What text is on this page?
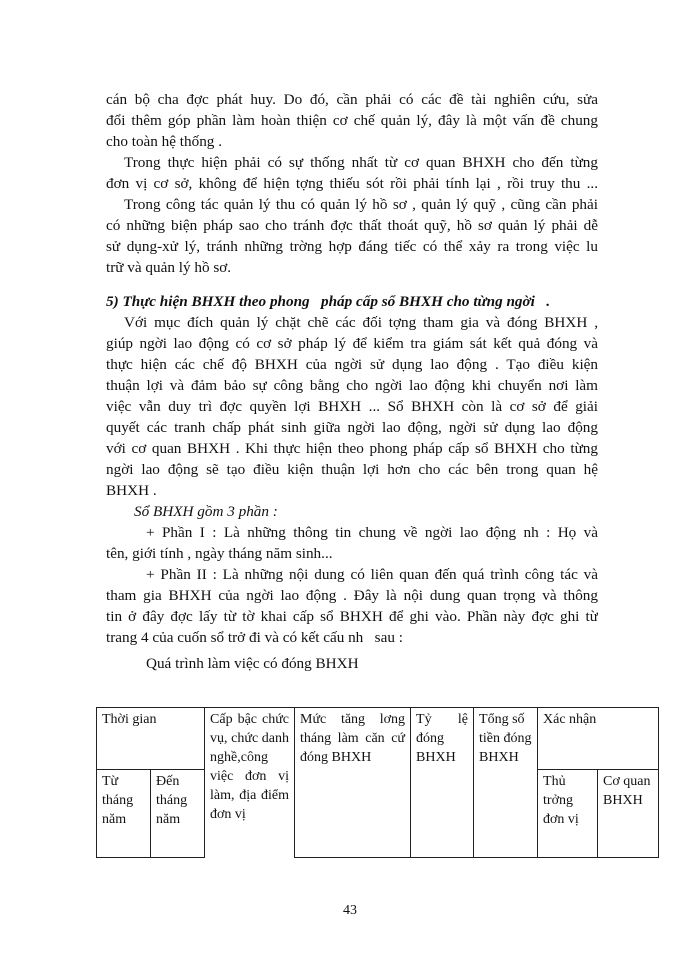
cán bộ cha đợc phát huy. Do đó, cần phải có các đề tài nghiên cứu, sửa
đổi thêm góp phần làm hoàn thiện cơ chế quản lý, đây là một vấn đề chung
cho toàn hệ thống .
Trong thực hiện phải có sự thống nhất từ cơ quan BHXH cho đến từng
đơn vị cơ sở, không để hiện tợng thiếu sót rồi phải tính lại , rồi truy thu ...
Trong công tác quản lý thu có quản lý hồ sơ , quản lý quỹ , cũng cần phải
có những biện pháp sao cho tránh đợc thất thoát quỹ, hồ sơ quản lý phải dễ
sử dụng-xử lý, tránh những trờng hợp đáng tiếc có thể xảy ra trong việc lu
trữ và quản lý hồ sơ.
5) Thực hiện BHXH theo phong   pháp cấp sổ BHXH cho từng ngời   .
Với mục đích quản lý chặt chẽ các đối tợng tham gia và đóng BHXH ,
giúp ngời lao động có cơ sở pháp lý để kiểm tra giám sát kết quả đóng và
thực hiện các chế độ BHXH của ngời sử dụng lao động . Tạo điều kiện
thuận lợi và đảm bảo sự công bằng cho ngời lao động khi chuyển nơi làm
việc vẫn duy trì đợc quyền lợi BHXH ... Sổ BHXH còn là cơ sở để giải
quyết các tranh chấp phát sinh giữa ngời lao động, ngời sử dụng lao động
với cơ quan BHXH . Khi thực hiện theo phong pháp cấp sổ BHXH cho từng
ngời lao động sẽ tạo điều kiện thuận lợi hơn cho các bên trong quan hệ
BHXH .
Sổ BHXH gồm 3 phần :
+ Phần I : Là những thông tin chung về ngời lao động nh : Họ và
tên, giới tính , ngày tháng năm sinh...
+ Phần II : Là những nội dung có liên quan đến quá trình công tác và
tham gia BHXH của ngời lao động . Đây là nội dung quan trọng và thông
tin ở đây đợc lấy từ tờ khai cấp sổ BHXH để ghi vào. Phần này đợc ghi từ
trang 4 của cuốn sổ trở đi và có kết cấu nh   sau :
Quá trình làm việc có đóng BHXH
Thời gian		Cấp bậc chức vụ, chức danh nghề,công việc đơn vị làm, địa điểm đơn vị	Mức tăng lơng tháng làm căn cứ đóng BHXH	Tỷ lệ đóng BHXH	Tổng số tiền đóng BHXH	Xác nhận	
Từ tháng năm	Đến tháng năm					Thủ trởng đơn vị	Cơ quan BHXH
43
